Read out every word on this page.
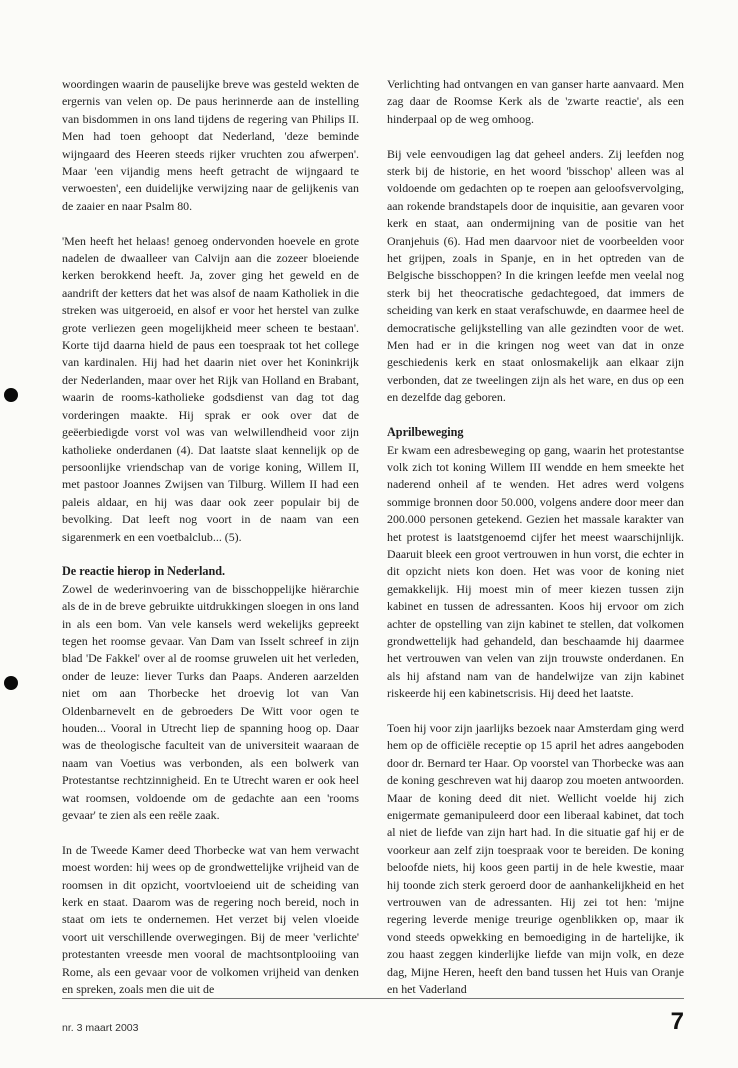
woordingen waarin de pauselijke breve was gesteld wekten de ergernis van velen op. De paus herinnerde aan de instelling van bisdommen in ons land tijdens de regering van Philips II. Men had toen gehoopt dat Nederland, 'deze beminde wijngaard des Heeren steeds rijker vruchten zou afwerpen'. Maar 'een vijandig mens heeft getracht de wijngaard te verwoesten', een duidelijke verwijzing naar de gelijkenis van de zaaier en naar Psalm 80.

'Men heeft het helaas! genoeg ondervonden hoevele en grote nadelen de dwaalleer van Calvijn aan die zozeer bloeiende kerken berokkend heeft. Ja, zover ging het geweld en de aandrift der ketters dat het was alsof de naam Katholiek in die streken was uitgeroeid, en alsof er voor het herstel van zulke grote verliezen geen mogelijkheid meer scheen te bestaan'. Korte tijd daarna hield de paus een toespraak tot het college van kardinalen. Hij had het daarin niet over het Koninkrijk der Nederlanden, maar over het Rijk van Holland en Brabant, waarin de rooms-katholieke godsdienst van dag tot dag vorderingen maakte. Hij sprak er ook over dat de geëerbiedigde vorst vol was van welwillendheid voor zijn katholieke onderdanen (4). Dat laatste slaat kennelijk op de persoonlijke vriendschap van de vorige koning, Willem II, met pastoor Joannes Zwijsen van Tilburg. Willem II had een paleis aldaar, en hij was daar ook zeer populair bij de bevolking. Dat leeft nog voort in de naam van een sigarenmerk en een voetbalclub... (5).

De reactie hierop in Nederland.

Zowel de wederinvoering van de bisschoppelijke hiërarchie als de in de breve gebruikte uitdrukkingen sloegen in ons land in als een bom. Van vele kansels werd wekelijks gepreekt tegen het roomse gevaar. Van Dam van Isselt schreef in zijn blad 'De Fakkel' over al de roomse gruwelen uit het verleden, onder de leuze: liever Turks dan Paaps. Anderen aarzelden niet om aan Thorbecke het droevig lot van Van Oldenbarnevelt en de gebroeders De Witt voor ogen te houden... Vooral in Utrecht liep de spanning hoog op. Daar was de theologische faculteit van de universiteit waaraan de naam van Voetius was verbonden, als een bolwerk van Protestantse rechtzinnigheid. En te Utrecht waren er ook heel wat roomsen, voldoende om de gedachte aan een 'rooms gevaar' te zien als een reële zaak.

In de Tweede Kamer deed Thorbecke wat van hem verwacht moest worden: hij wees op de grondwettelijke vrijheid van de roomsen in dit opzicht, voortvloeiend uit de scheiding van kerk en staat. Daarom was de regering noch bereid, noch in staat om iets te ondernemen. Het verzet bij velen vloeide voort uit verschillende overwegingen. Bij de meer 'verlichte' protestanten vreesde men vooral de machtsontplooiing van Rome, als een gevaar voor de volkomen vrijheid van denken en spreken, zoals men die uit de

Verlichting had ontvangen en van ganser harte aanvaard. Men zag daar de Roomse Kerk als de 'zwarte reactie', als een hinderpaal op de weg omhoog.

Bij vele eenvoudigen lag dat geheel anders. Zij leefden nog sterk bij de historie, en het woord 'bisschop' alleen was al voldoende om gedachten op te roepen aan geloofsvervolging, aan rokende brandstapels door de inquisitie, aan gevaren voor kerk en staat, aan ondermijning van de positie van het Oranjehuis (6). Had men daarvoor niet de voorbeelden voor het grijpen, zoals in Spanje, en in het optreden van de Belgische bisschoppen? In die kringen leefde men veelal nog sterk bij het theocratische gedachtegoed, dat immers de scheiding van kerk en staat verafschuwde, en daarmee heel de democratische gelijkstelling van alle gezindten voor de wet. Men had er in die kringen nog weet van dat in onze geschiedenis kerk en staat onlosmakelijk aan elkaar zijn verbonden, dat ze tweelingen zijn als het ware, en dus op een en dezelfde dag geboren.

Aprilbeweging

Er kwam een adresbeweging op gang, waarin het protestantse volk zich tot koning Willem III wendde en hem smeekte het naderend onheil af te wenden. Het adres werd volgens sommige bronnen door 50.000, volgens andere door meer dan 200.000 personen getekend. Gezien het massale karakter van het protest is laatstgenoemd cijfer het meest waarschijnlijk. Daaruit bleek een groot vertrouwen in hun vorst, die echter in dit opzicht niets kon doen. Het was voor de koning niet gemakkelijk. Hij moest min of meer kiezen tussen zijn kabinet en tussen de adressanten. Koos hij ervoor om zich achter de opstelling van zijn kabinet te stellen, dat volkomen grondwettelijk had gehandeld, dan beschaamde hij daarmee het vertrouwen van velen van zijn trouwste onderdanen. En als hij afstand nam van de handelwijze van zijn kabinet riskeerde hij een kabinetscrisis. Hij deed het laatste.

Toen hij voor zijn jaarlijks bezoek naar Amsterdam ging werd hem op de officiële receptie op 15 april het adres aangeboden door dr. Bernard ter Haar. Op voorstel van Thorbecke was aan de koning geschreven wat hij daarop zou moeten antwoorden. Maar de koning deed dit niet. Wellicht voelde hij zich enigermate gemanipuleerd door een liberaal kabinet, dat toch al niet de liefde van zijn hart had. In die situatie gaf hij er de voorkeur aan zelf zijn toespraak voor te bereiden. De koning beloofde niets, hij koos geen partij in de hele kwestie, maar hij toonde zich sterk geroerd door de aanhankelijkheid en het vertrouwen van de adressanten. Hij zei tot hen: 'mijne regering leverde menige treurige ogenblikken op, maar ik vond steeds opwekking en bemoediging in de hartelijke, ik zou haast zeggen kinderlijke liefde van mijn volk, en deze dag, Mijne Heren, heeft den band tussen het Huis van Oranje en het Vaderland

nr. 3 maart 2003	7
